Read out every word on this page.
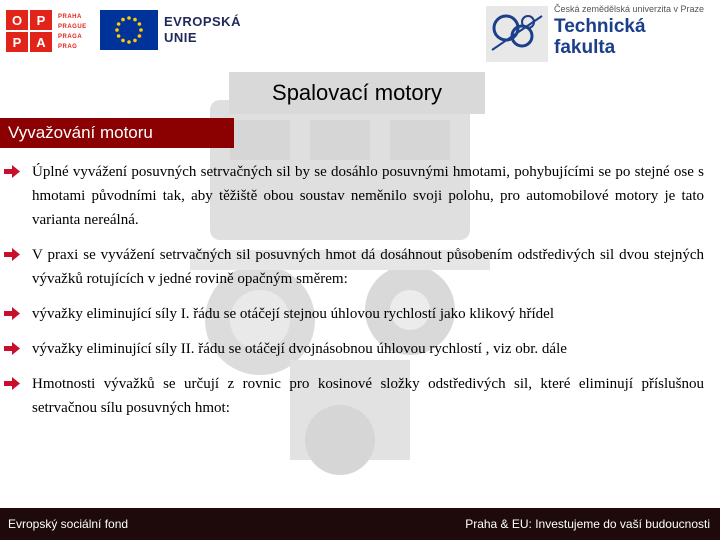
O	P
P	A
PRAHA
PRAGUE
PRAGA
PRAG
EVROPSKÁ
UNIE
Česká zemědělská univerzita v Praze
Technická
fakulta
Spalovací motory
Vyvažování motoru
Úplné vyvážení posuvných setrvačných sil by se dosáhlo posuvnými hmotami, pohybujícími se po stejné ose s hmotami původními tak, aby těžiště obou soustav neměnilo svoji polohu, pro automobilové motory je tato varianta nereálná.
V praxi se vyvážení setrvačných sil posuvných hmot dá dosáhnout působením odstředivých sil dvou stejných vývažků rotujících v jedné rovině opačným směrem:
vývažky eliminující síly I. řádu se otáčejí stejnou úhlovou rychlostí jako klikový hřídel
vývažky eliminující síly II. řádu se otáčejí dvojnásobnou úhlovou rychlostí , viz obr. dále
Hmotnosti vývažků se určují z rovnic pro kosinové složky odstředivých sil, které eliminují příslušnou setrvačnou sílu posuvných hmot:
Evropský sociální fond	Praha & EU: Investujeme do vaší budoucnosti
